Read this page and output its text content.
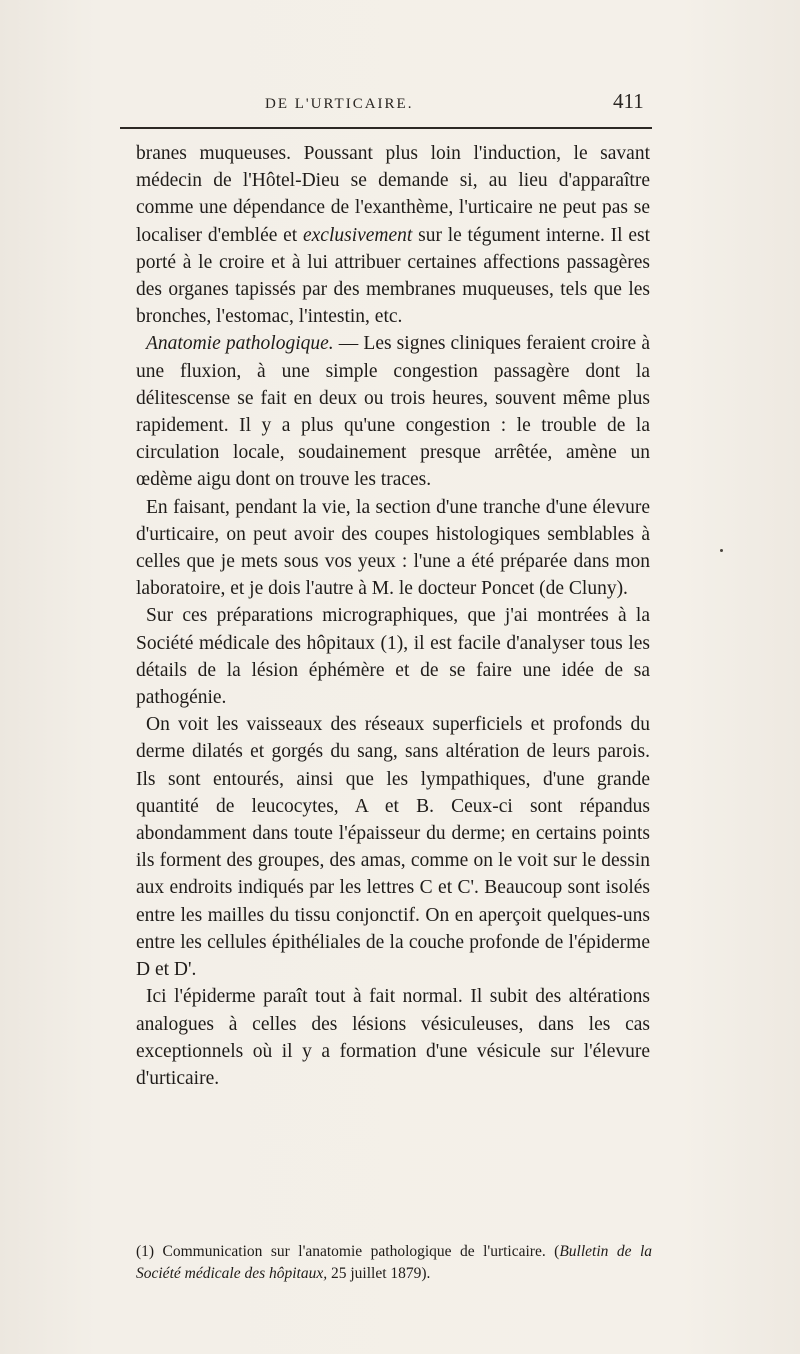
DE L'URTICAIRE.	411

branes muqueuses. Poussant plus loin l'induction, le savant médecin de l'Hôtel-Dieu se demande si, au lieu d'apparaître comme une dépendance de l'exanthème, l'urticaire ne peut pas se localiser d'emblée et exclusivement sur le tégument interne. Il est porté à le croire et à lui attribuer certaines affections passagères des organes tapissés par des membranes muqueuses, tels que les bronches, l'estomac, l'intestin, etc.

Anatomie pathologique. — Les signes cliniques feraient croire à une fluxion, à une simple congestion passagère dont la délitescense se fait en deux ou trois heures, souvent même plus rapidement. Il y a plus qu'une congestion : le trouble de la circulation locale, soudainement presque arrêtée, amène un œdème aigu dont on trouve les traces.

En faisant, pendant la vie, la section d'une tranche d'une élevure d'urticaire, on peut avoir des coupes histologiques semblables à celles que je mets sous vos yeux : l'une a été préparée dans mon laboratoire, et je dois l'autre à M. le docteur Poncet (de Cluny).

Sur ces préparations micrographiques, que j'ai montrées à la Société médicale des hôpitaux (1), il est facile d'analyser tous les détails de la lésion éphémère et de se faire une idée de sa pathogénie.

On voit les vaisseaux des réseaux superficiels et profonds du derme dilatés et gorgés du sang, sans altération de leurs parois. Ils sont entourés, ainsi que les lympathiques, d'une grande quantité de leucocytes, A et B. Ceux-ci sont répandus abondamment dans toute l'épaisseur du derme; en certains points ils forment des groupes, des amas, comme on le voit sur le dessin aux endroits indiqués par les lettres C et C'. Beaucoup sont isolés entre les mailles du tissu conjonctif. On en aperçoit quelques-uns entre les cellules épithéliales de la couche profonde de l'épiderme D et D'.

Ici l'épiderme paraît tout à fait normal. Il subit des altérations analogues à celles des lésions vésiculeuses, dans les cas exceptionnels où il y a formation d'une vésicule sur l'élevure d'urticaire.

(1) Communication sur l'anatomie pathologique de l'urticaire. (Bulletin de la Société médicale des hôpitaux, 25 juillet 1879).
